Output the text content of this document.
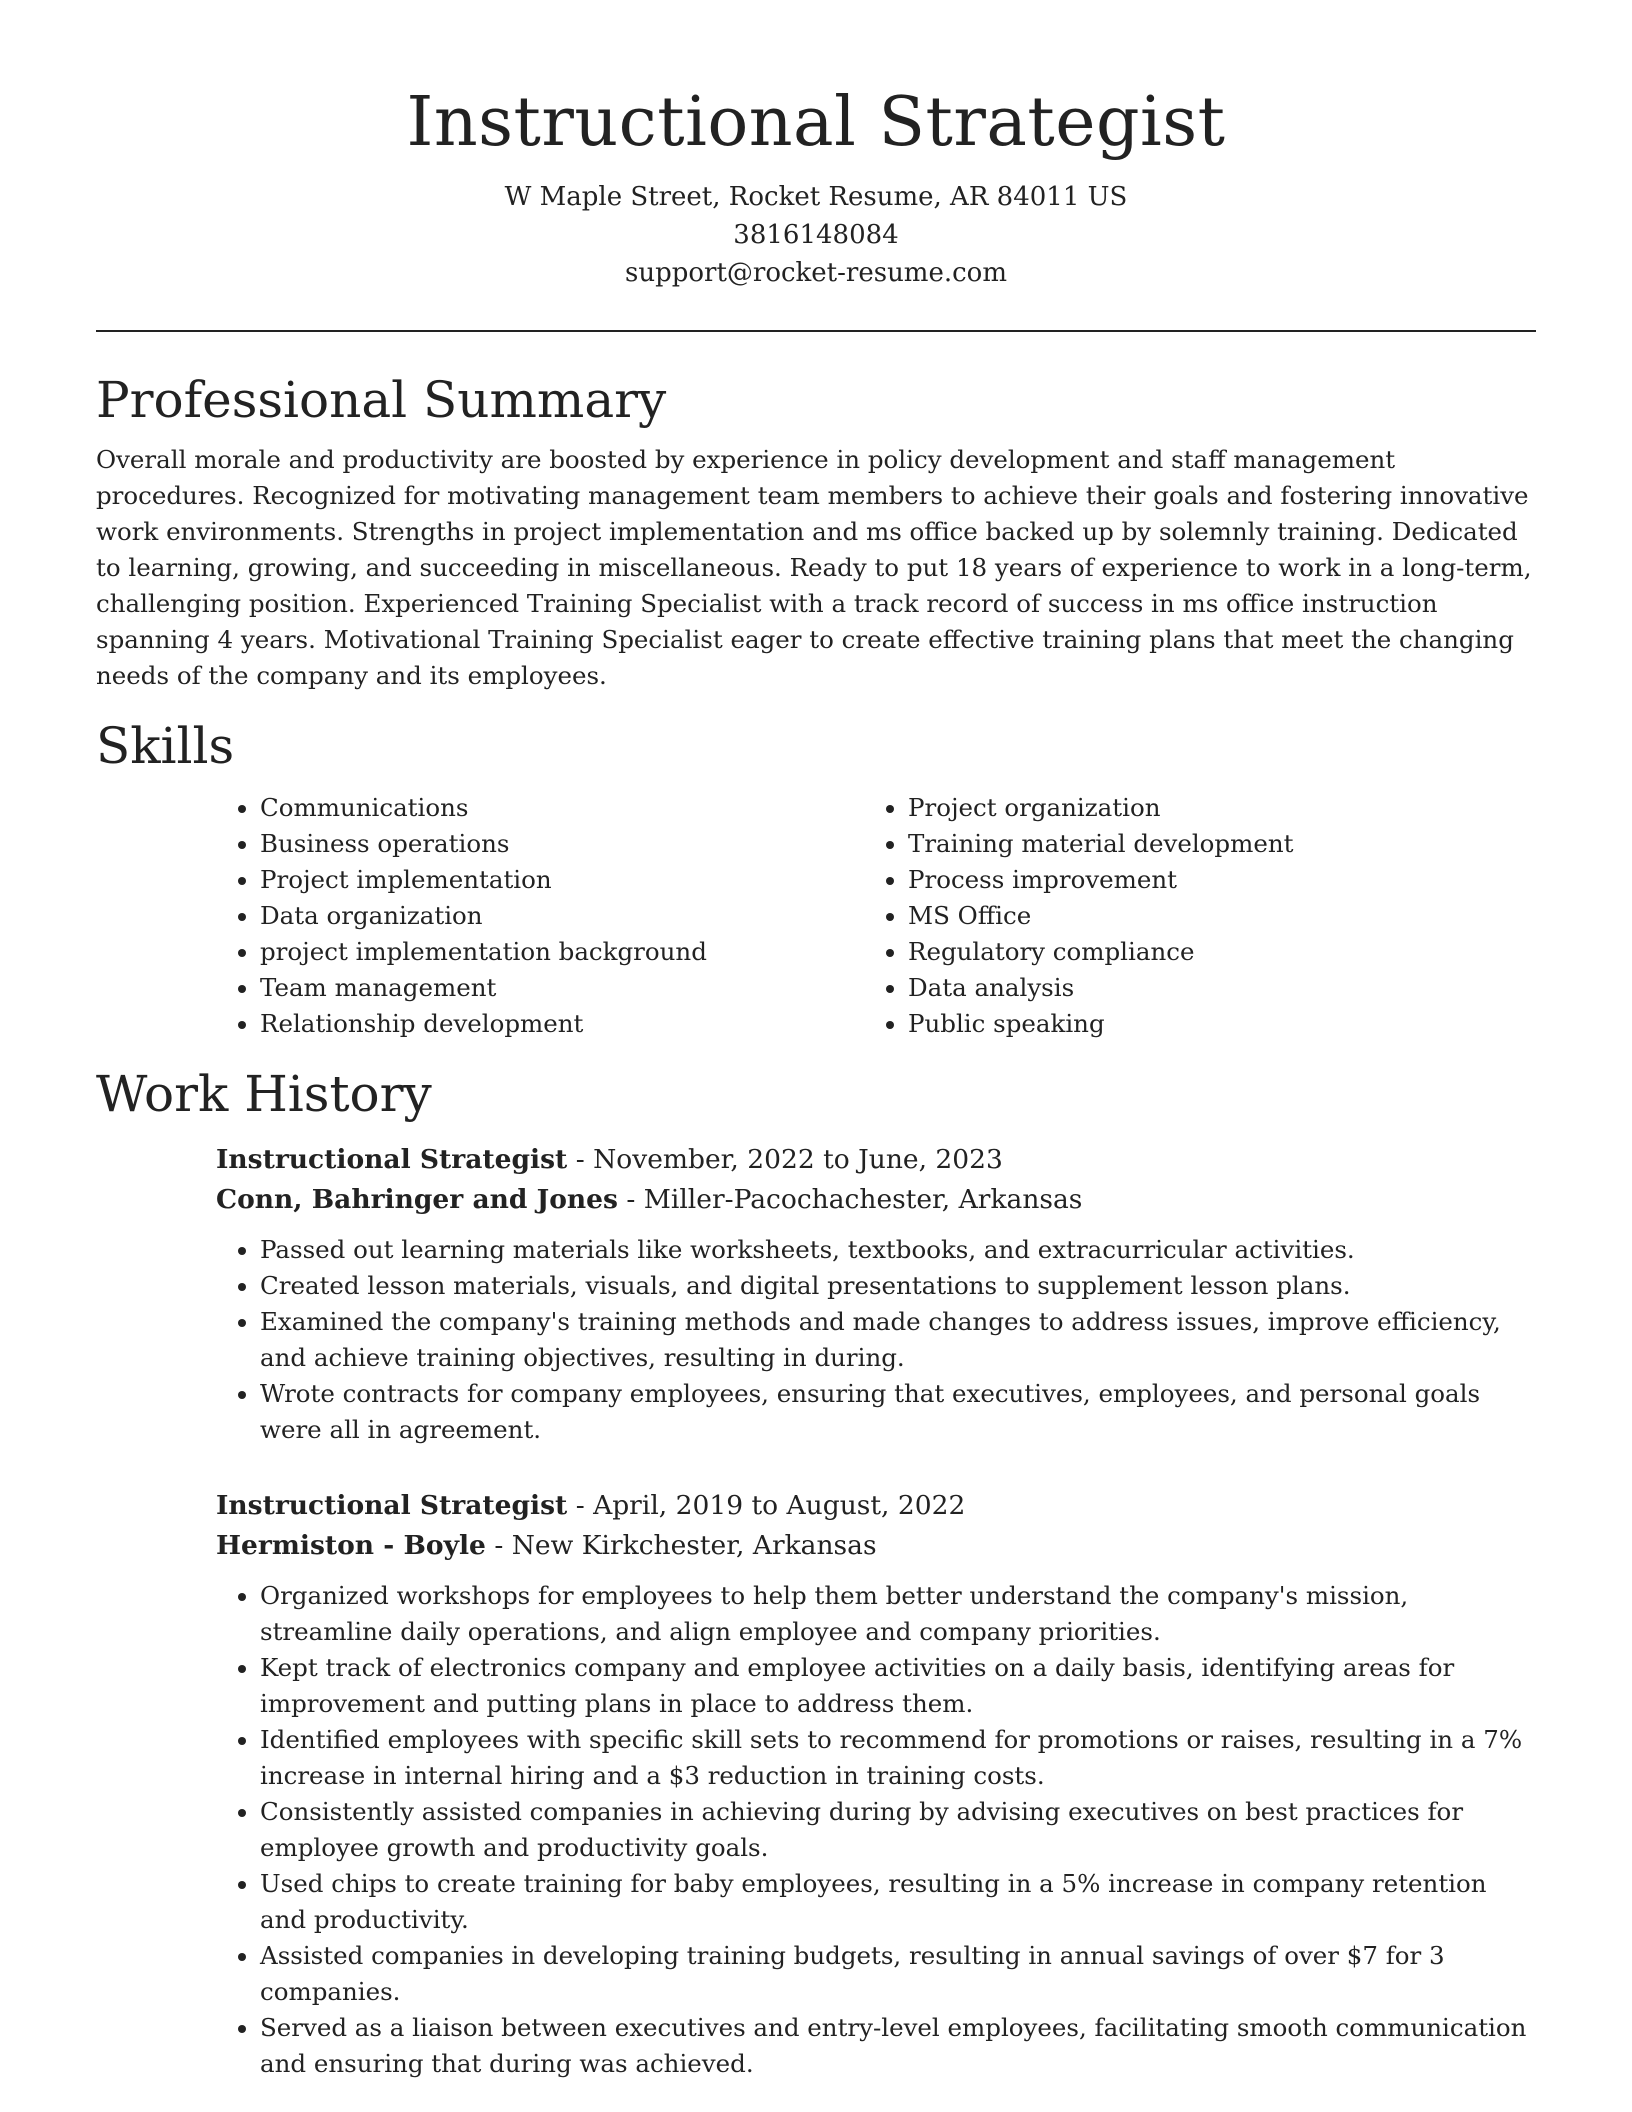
Instructional Strategist

W Maple Street, Rocket Resume, AR 84011 US

3816148084

support@rocket-resume.com

Professional Summary

Overall morale and productivity are boosted by experience in policy development and staff management procedures. Recognized for motivating management team members to achieve their goals and fostering innovative work environments. Strengths in project implementation and ms office backed up by solemnly training. Dedicated to learning, growing, and succeeding in miscellaneous. Ready to put 18 years of experience to work in a long-term, challenging position. Experienced Training Specialist with a track record of success in ms office instruction spanning 4 years. Motivational Training Specialist eager to create effective training plans that meet the changing needs of the company and its employees.

Skills
• Communications
• Business operations
• Project implementation
• Data organization
• project implementation background
• Team management
• Relationship development
• Project organization
• Training material development
• Process improvement
• MS Office
• Regulatory compliance
• Data analysis
• Public speaking
Work History

Instructional Strategist - November, 2022 to June, 2023

Conn, Bahringer and Jones - Miller-Pacochachester, Arkansas

• Passed out learning materials like worksheets, textbooks, and extracurricular activities.
• Created lesson materials, visuals, and digital presentations to supplement lesson plans.
• Examined the company's training methods and made changes to address issues, improve efficiency, and achieve training objectives, resulting in during.
• Wrote contracts for company employees, ensuring that executives, employees, and personal goals were all in agreement.

Instructional Strategist - April, 2019 to August, 2022

Hermiston - Boyle - New Kirkchester, Arkansas

• Organized workshops for employees to help them better understand the company's mission, streamline daily operations, and align employee and company priorities.
• Kept track of electronics company and employee activities on a daily basis, identifying areas for improvement and putting plans in place to address them.
• Identified employees with specific skill sets to recommend for promotions or raises, resulting in a 7% increase in internal hiring and a $3 reduction in training costs.
• Consistently assisted companies in achieving during by advising executives on best practices for employee growth and productivity goals.
• Used chips to create training for baby employees, resulting in a 5% increase in company retention and productivity.
• Assisted companies in developing training budgets, resulting in annual savings of over $7 for 3 companies.
• Served as a liaison between executives and entry-level employees, facilitating smooth communication and ensuring that during was achieved.
